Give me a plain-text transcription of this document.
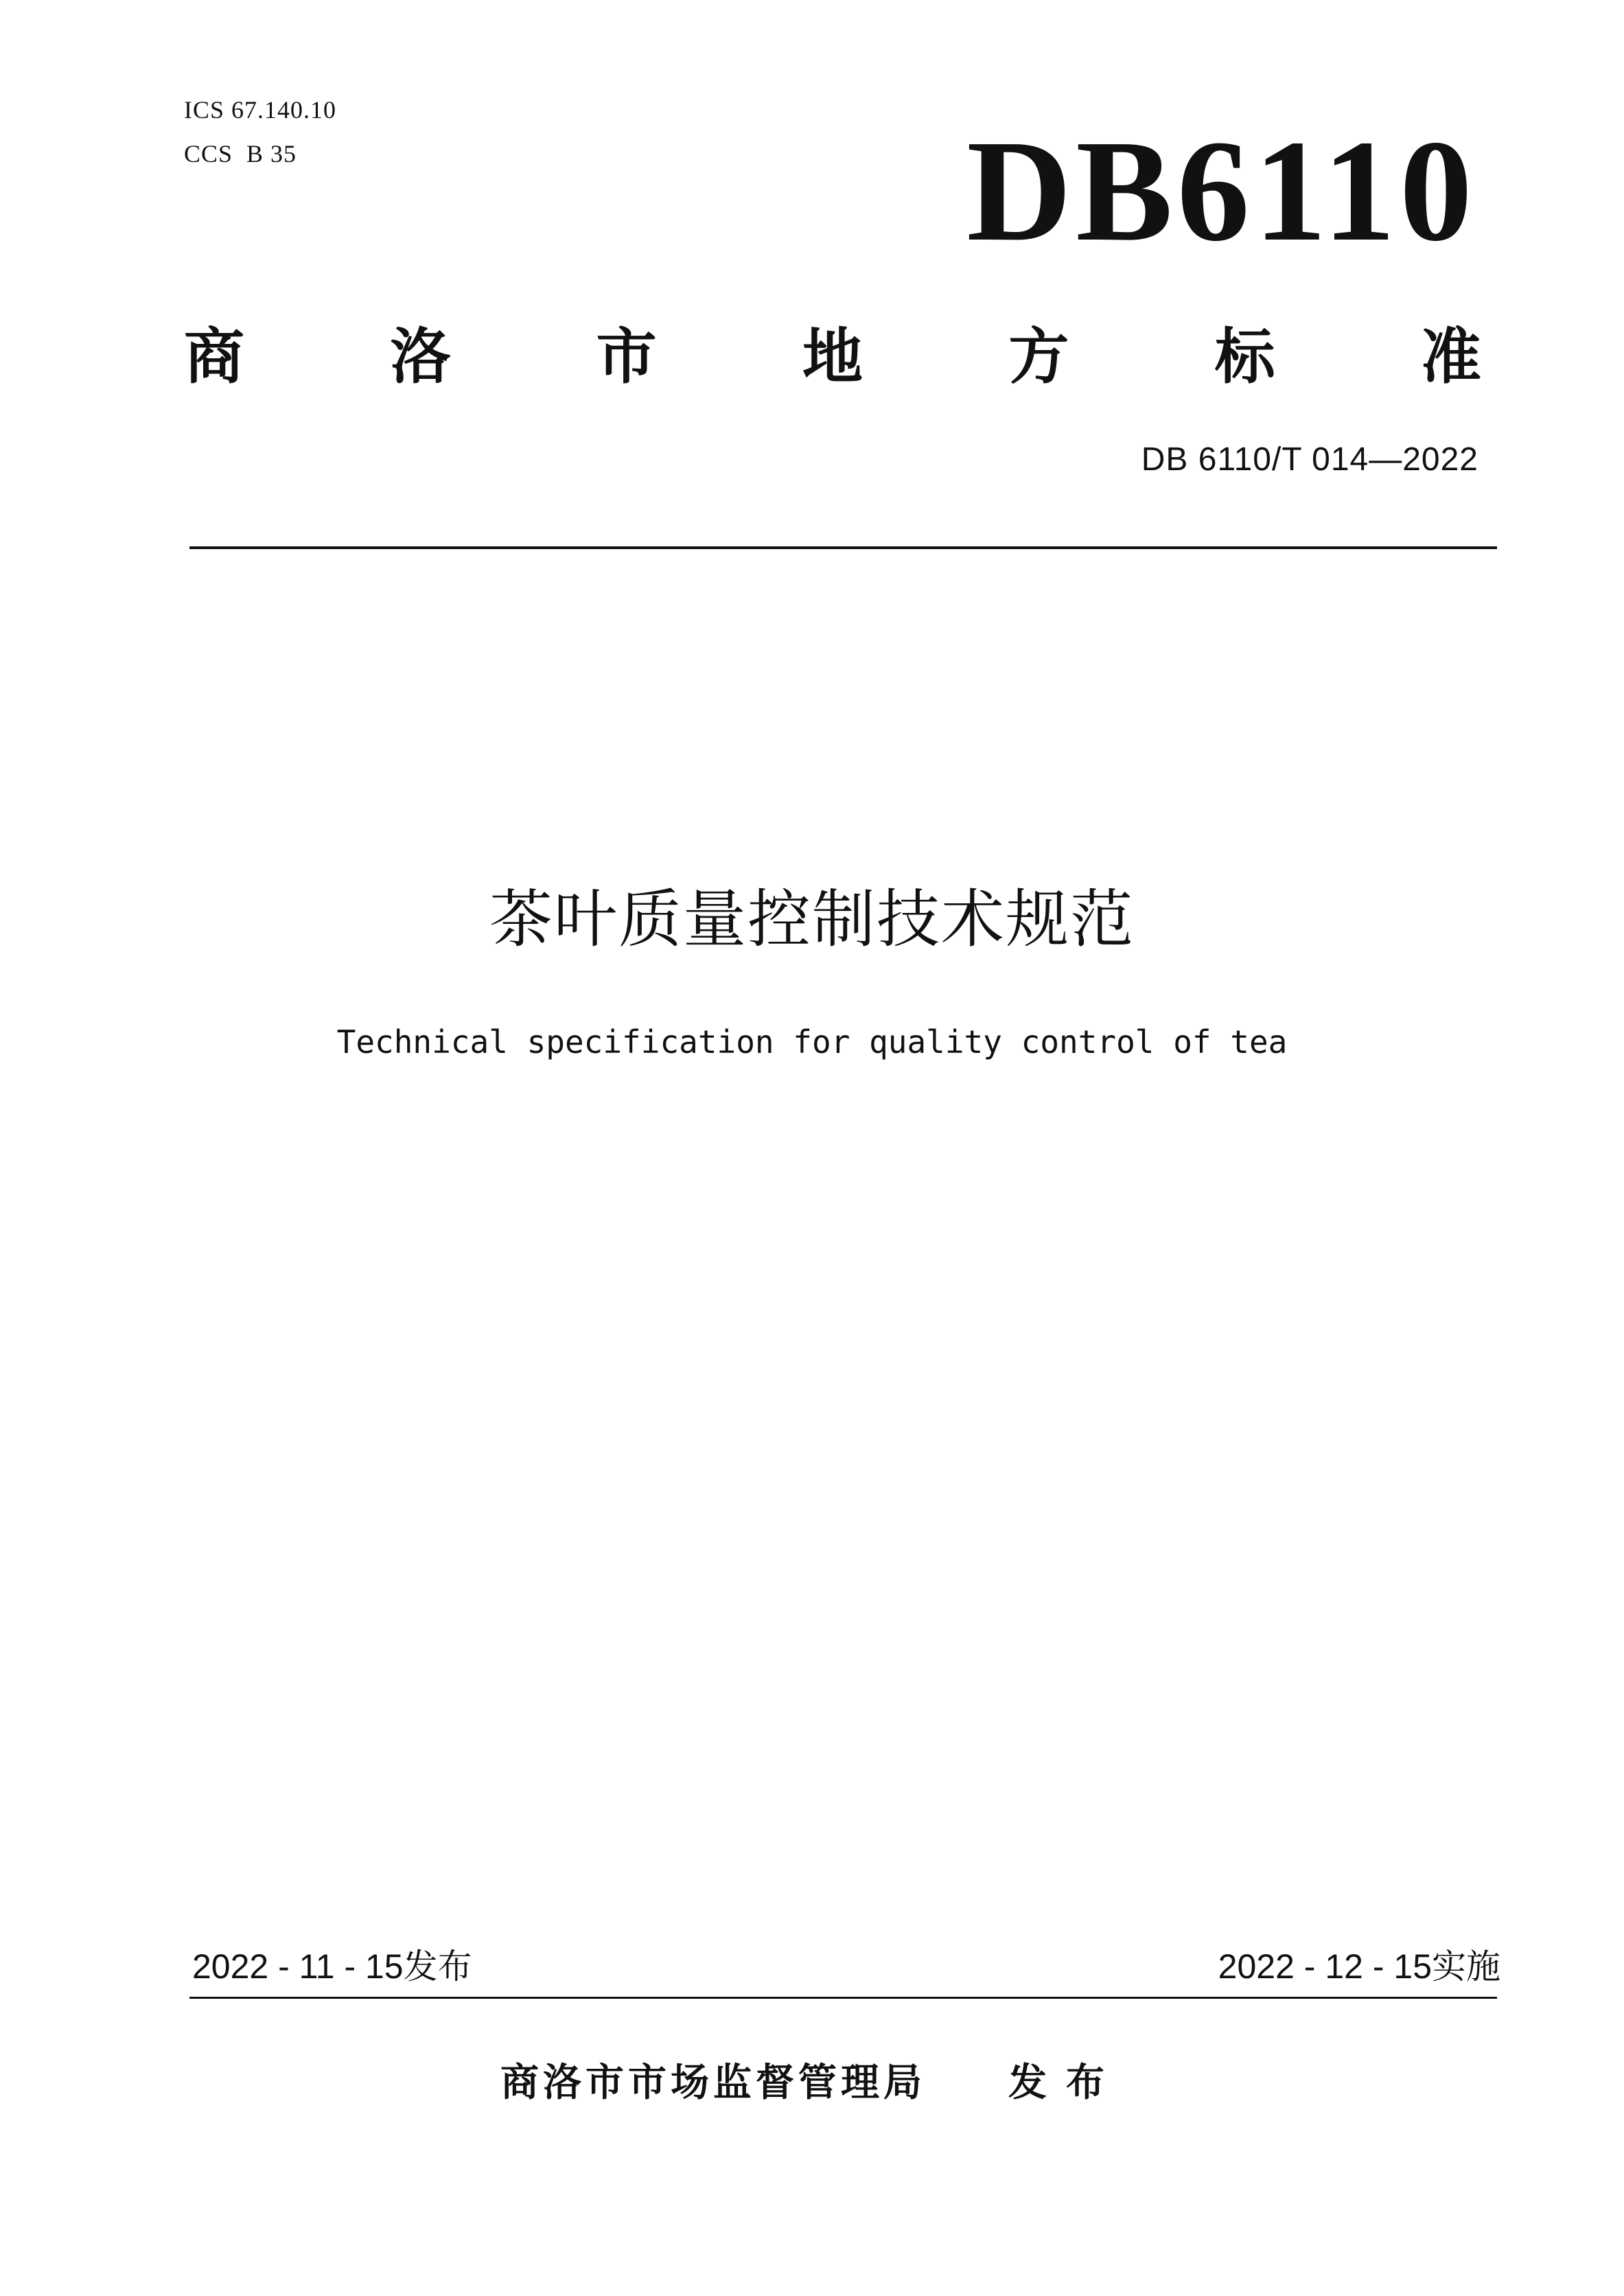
ICS 67.140.10
CCS  B 35	DB6110
商 洛 市 地 方 标 准
DB 6110/T 014—2022
茶叶质量控制技术规范
Technical specification for quality control of tea
2022 - 11 - 15发布	2022 - 12 - 15实施
商洛市市场监督管理局 发布
